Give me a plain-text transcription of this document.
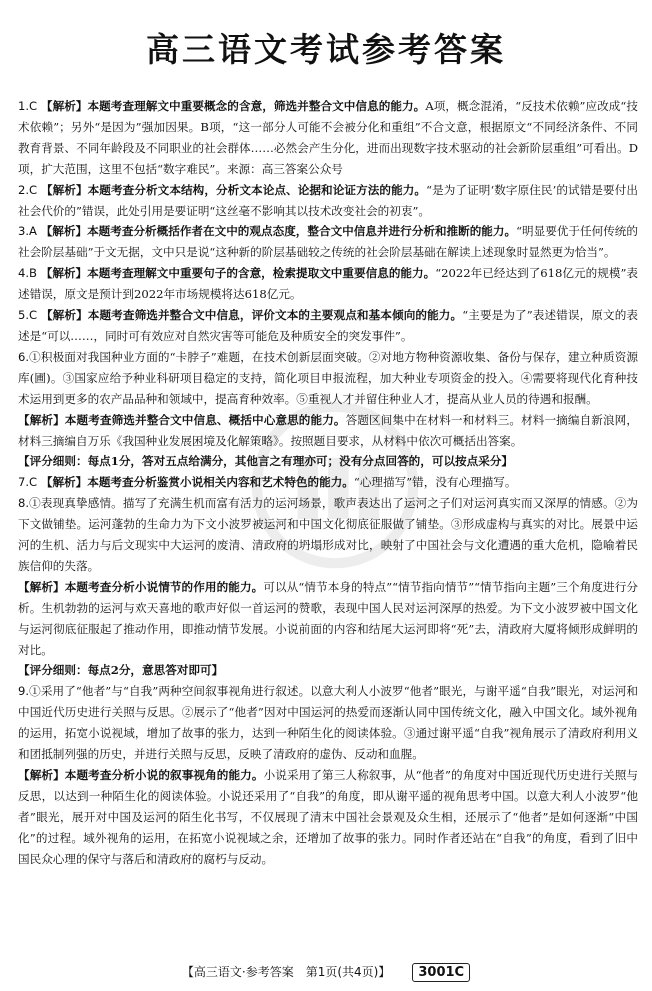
高三语文考试参考答案

1.C 【解析】本题考查理解文中重要概念的含意，筛选并整合文中信息的能力。A项，概念混淆，“反技术依赖”应改成“技术依赖”；另外“是因为”强加因果。B项，“这一部分人可能不会被分化和重组”不合文意，根据原文“不同经济条件、不同教育背景、不同年龄段及不同职业的社会群体……必然会产生分化，进而出现数字技术驱动的社会新阶层重组”可看出。D项，扩大范围，这里不包括“数字难民”。来源：高三答案公众号

2.C 【解析】本题考查分析文本结构，分析文本论点、论据和论证方法的能力。“是为了证明‘数字原住民’的试错是要付出社会代价的”错误，此处引用是要证明“这丝毫不影响其以技术改变社会的初衷”。

3.A 【解析】本题考查分析概括作者在文中的观点态度，整合文中信息并进行分析和推断的能力。“明显要优于任何传统的社会阶层基础”于文无据，文中只是说“这种新的阶层基础较之传统的社会阶层基础在解读上述现象时显然更为恰当”。

4.B 【解析】本题考查理解文中重要句子的含意，检索提取文中重要信息的能力。“2022年已经达到了618亿元的规模”表述错误，原文是预计到2022年市场规模将达618亿元。

5.C 【解析】本题考查筛选并整合文中信息，评价文本的主要观点和基本倾向的能力。“主要是为了”表述错误，原文的表述是“可以……，同时可有效应对自然灾害等可能危及种质安全的突发事件”。

6.①积极面对我国种业方面的“卡脖子”难题，在技术创新层面突破。②对地方物种资源收集、备份与保存，建立种质资源库(圃)。③国家应给予种业科研项目稳定的支持，简化项目申报流程，加大种业专项资金的投入。④需要将现代化育种技术运用到更多的农产品品种和领域中，提高育种效率。⑤重视人才并留住种业人才，提高从业人员的待遇和报酬。

【解析】本题考查筛选并整合文中信息、概括中心意思的能力。答题区间集中在材料一和材料三。材料一摘编自新浪网，材料三摘编自万乐《我国种业发展困境及化解策略》。按照题目要求，从材料中依次可概括出答案。

【评分细则：每点1分，答对五点给满分，其他言之有理亦可；没有分点回答的，可以按点采分】

7.C 【解析】本题考查分析鉴赏小说相关内容和艺术特色的能力。“心理描写”错，没有心理描写。

8.①表现真挚感情。描写了充满生机而富有活力的运河场景，歌声表达出了运河之子们对运河真实而又深厚的情感。②为下文做铺垫。运河蓬勃的生命力为下文小波罗被运河和中国文化彻底征服做了铺垫。③形成虚构与真实的对比。展景中运河的生机、活力与后文现实中大运河的废清、清政府的坍塌形成对比，映射了中国社会与文化遭遇的重大危机，隐喻着民族信仰的失落。

【解析】本题考查分析小说情节的作用的能力。可以从“情节本身的特点”“情节指向情节”“情节指向主题”三个角度进行分析。生机勃勃的运河与欢天喜地的歌声好似一首运河的赞歌，表现中国人民对运河深厚的热爱。为下文小波罗被中国文化与运河彻底征服起了推动作用，即推动情节发展。小说前面的内容和结尾大运河即将“死”去，清政府大厦将倾形成鲜明的对比。

【评分细则：每点2分，意思答对即可】

9.①采用了“他者”与“自我”两种空间叙事视角进行叙述。以意大利人小波罗“他者”眼光，与谢平遥“自我”眼光，对运河和中国近代历史进行关照与反思。②展示了“他者”因对中国运河的热爱而逐渐认同中国传统文化，融入中国文化。域外视角的运用，拓宽小说视域，增加了故事的张力，达到一种陌生化的阅读体验。③通过谢平遥“自我”视角展示了清政府利用义和团抵制列强的历史，并进行关照与反思，反映了清政府的虚伪、反动和血腥。

【解析】本题考查分析小说的叙事视角的能力。小说采用了第三人称叙事，从“他者”的角度对中国近现代历史进行关照与反思，以达到一种陌生化的阅读体验。小说还采用了“自我”的角度，即从谢平遥的视角思考中国。以意大利人小波罗“他者”眼光，展开对中国及运河的陌生化书写，不仅展现了清末中国社会景观及众生相，还展示了“他者”是如何逐渐“中国化”的过程。域外视角的运用，在拓宽小说视域之余，还增加了故事的张力。同时作者还站在“自我”的角度，看到了旧中国民众心理的保守与落后和清政府的腐朽与反动。

【高三语文·参考答案　第1页(共4页)】 3001C
